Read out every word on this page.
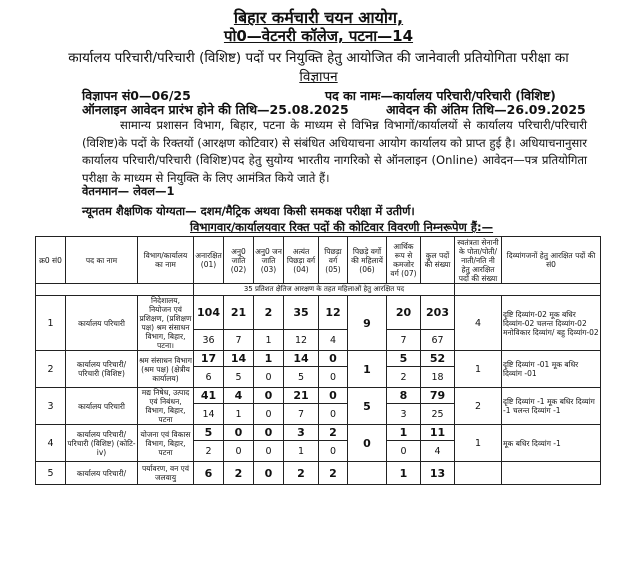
बिहार कर्मचारी चयन आयोग,
पो0—वेटनरी कॉलेज, पटना—14
कार्यालय परिचारी/परिचारी (विशिष्ट) पदों पर नियुक्ति हेतु आयोजित की जानेवाली प्रतियोगिता परीक्षा का
विज्ञापन
विज्ञापन सं0—06/25	पद का नामः—कार्यालय परिचारी/परिचारी (विशिष्ट)
ऑनलाइन आवेदन प्रारंभ होने की तिथि—25.08.2025	आवेदन की अंतिम तिथि—26.09.2025
सामान्य प्रशासन विभाग, बिहार, पटना के माध्यम से विभिन्न विभागों/कार्यालयों से कार्यालय परिचारी/परिचारी (विशिष्ट)के पदों के रिक्तयों (आरक्षण कोटिवार) से संबंधित अधियाचना आयोग कार्यालय को प्राप्त हुई है। अधियाचनानुसार कार्यालय परिचारी/परिचारी (विशिष्ट)पद हेतु सुयोग्य भारतीय नागरिको से ऑनलाइन (Online) आवेदन—पत्र प्रतियोगिता परीक्षा के माध्यम से नियुक्ति के लिए आमंत्रित किये जाते हैं।
वेतनमान— लेवल—1
न्यूनतम शैक्षणिक योग्यता— दशम/मैट्रिक अथवा किसी समकक्ष परीक्षा में उतीर्ण।
विभागवार/कार्यालयवार रिक्त पदों की कोटिवार विवरणी निम्नरूपेण हैं:—
क्र0 सं0	पद का नाम	विभाग/कार्यालय का नाम	अनारक्षित (01)	अनु0 जाति (02)	अनु0 जन जाति (03)	अत्यंत पिछड़ा वर्ग (04)	पिछड़ा वर्ग (05)	पिछड़े वर्गो की महिलायें (06)	आर्थिक रूप से कमजोर वर्ग (07)	कुल पदों की संख्या	स्वतंत्रता सेनानी के पोता/पोती/नाती/नति नी हेतु आरक्षित पदों की संख्या	दिव्यांगजनों हेतु आरक्षित पदों की सं0
			35 प्रतिशत क्षैतिज आरक्षण के तहत महिलाओं हेतु आरक्षित पद									
1	कार्यालय परिचारी	निदेशालय, नियोजन एवं प्रशिक्षण, (प्रशिक्षण पक्ष) श्रम संसाधन विभाग, बिहार, पटना।	104	21	2	35	12	9	20	203	4	दृष्टि दिव्यांग-02 मूक बधिर दिव्यांग-02 चलन्त दिव्यांग-02 मनोविकार दिव्यांग/ बहु दिव्यांग-02
			36	7	1	12	4		7	67		
2	कार्यालय परिचारी/ परिचारी (विशिष्ट)	श्रम संसाधन विभाग (श्रम पक्ष) (क्षेत्रीय कार्यालय)	17	14	1	14	0	1	5	52	1	दृष्टि दिव्यांग -01 मूक बधिर दिव्यांग -01
			6	5	0	5	0		2	18		
3	कार्यालय परिचारी	मद्य निषेध, उत्पाद एवं निबंधन, विभाग, बिहार, पटना	41	4	0	21	0	5	8	79	2	दृष्टि दिव्यांग -1 मूक बधिर दिव्यांग -1 चलन्त दिव्यांग -1
			14	1	0	7	0		3	25		
4	कार्यालय परिचारी/ परिचारी (विशिष्ट) (कोटि-iv)	योजना एवं विकास विभाग, बिहार, पटना	5	0	0	3	2	0	1	11	1	मूक बधिर दिव्यांग -1
			2	0	0	1	0		0	4		
5	कार्यालय परिचारी/	पर्यावरण, वन एवं जलवायु	6	2	0	2	2		1	13		
